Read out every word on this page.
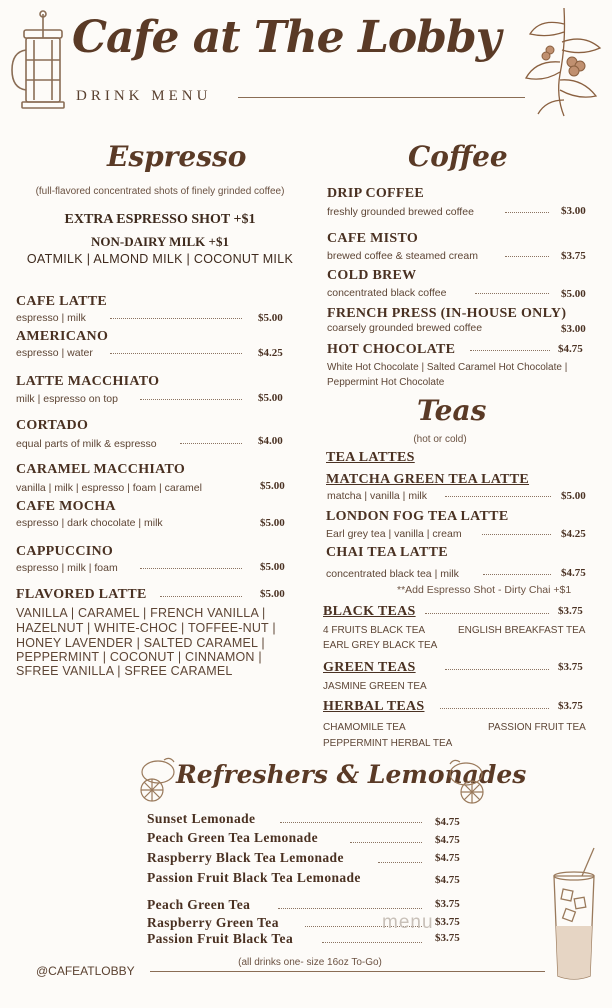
Cafe at The Lobby
DRINK MENU
Espresso
(full-flavored concentrated shots of finely grinded coffee)
EXTRA ESPRESSO SHOT +$1
NON-DAIRY MILK +$1
OATMILK | ALMOND MILK | COCONUT MILK
CAFE LATTE
espresso | milk	$5.00
AMERICANO
espresso | water	$4.25
LATTE MACCHIATO
milk | espresso on top	$5.00
CORTADO
equal parts of milk & espresso	$4.00
CARAMEL MACCHIATO
vanilla | milk | espresso | foam | caramel	$5.00
CAFE MOCHA
espresso | dark chocolate | milk	$5.00
CAPPUCCINO
espresso | milk | foam	$5.00
FLAVORED LATTE	$5.00
VANILLA | CARAMEL | FRENCH VANILLA |
HAZELNUT | WHITE-CHOC | TOFFEE-NUT |
HONEY LAVENDER | SALTED CARAMEL |
PEPPERMINT | COCONUT | CINNAMON |
SFREE VANILLA | SFREE CARAMEL
Coffee
DRIP COFFEE
freshly grounded brewed coffee	$3.00
CAFE MISTO
brewed coffee & steamed cream	$3.75
COLD BREW
concentrated black coffee	$5.00
FRENCH PRESS (IN-HOUSE ONLY)
coarsely grounded brewed coffee	$3.00
HOT CHOCOLATE	$4.75
White Hot Chocolate | Salted Caramel Hot Chocolate |
Peppermint Hot Chocolate
Teas
(hot or cold)
TEA LATTES
MATCHA GREEN TEA LATTE
matcha | vanilla | milk	$5.00
LONDON FOG TEA LATTE
Earl grey tea | vanilla | cream	$4.25
CHAI TEA LATTE
concentrated black tea | milk	$4.75
**Add Espresso Shot - Dirty Chai +$1
BLACK TEAS	$3.75
4 FRUITS BLACK TEA	ENGLISH BREAKFAST TEA
EARL GREY BLACK TEA
GREEN TEAS	$3.75
JASMINE GREEN TEA
HERBAL TEAS	$3.75
CHAMOMILE TEA	PASSION FRUIT TEA
PEPPERMINT HERBAL TEA
Refreshers & Lemonades
Sunset Lemonade	$4.75
Peach Green Tea Lemonade	$4.75
Raspberry Black Tea Lemonade	$4.75
Passion Fruit Black Tea Lemonade	$4.75
Peach Green Tea	$3.75
Raspberry Green Tea	$3.75
Passion Fruit Black Tea	$3.75
menu
@CAFEATLOBBY
(all drinks one- size 16oz To-Go)
